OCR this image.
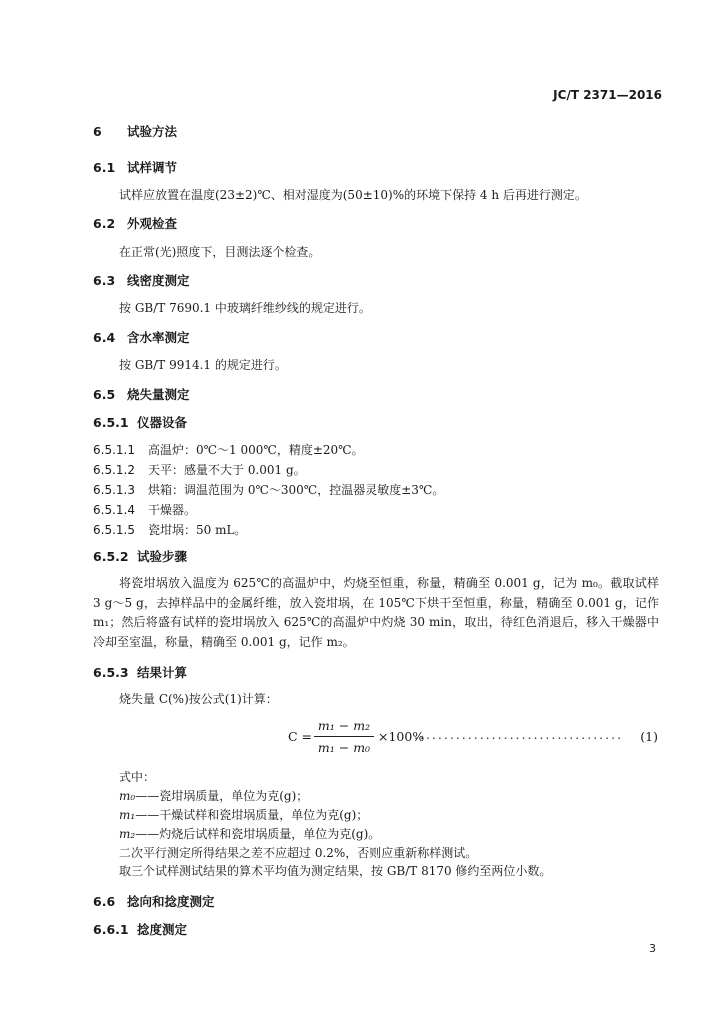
JC/T 2371—2016
6 试验方法
6.1 试样调节
试样应放置在温度(23±2)℃、相对湿度为(50±10)%的环境下保持 4 h 后再进行测定。
6.2 外观检查
在正常(光)照度下，目测法逐个检查。
6.3 线密度测定
按 GB/T 7690.1 中玻璃纤维纱线的规定进行。
6.4 含水率测定
按 GB/T 9914.1 的规定进行。
6.5 烧失量测定
6.5.1 仪器设备
6.5.1.1 高温炉：0℃～1 000℃，精度±20℃。
6.5.1.2 天平：感量不大于 0.001 g。
6.5.1.3 烘箱：调温范围为 0℃～300℃，控温器灵敏度±3℃。
6.5.1.4 干燥器。
6.5.1.5 瓷坩埚：50 mL。
6.5.2 试验步骤

将瓷坩埚放入温度为 625℃的高温炉中，灼烧至恒重，称量，精确至 0.001 g，记为 m₀。截取试样 3 g～5 g，去掉样品中的金属纤维，放入瓷坩埚，在 105℃下烘干至恒重，称量，精确至 0.001 g，记作 m₁；然后将盛有试样的瓷坩埚放入 625℃的高温炉中灼烧 30 min，取出，待红色消退后，移入干燥器中冷却至室温，称量，精确至 0.001 g，记作 m₂。

6.5.3 结果计算
烧失量 C(%)按公式(1)计算：
C =
m₁ − m₂
m₁ − m₀
×100%
................................... (1)
式中：
m₀——瓷坩埚质量，单位为克(g)；
m₁——干燥试样和瓷坩埚质量，单位为克(g)；
m₂——灼烧后试样和瓷坩埚质量，单位为克(g)。
二次平行测定所得结果之差不应超过 0.2%，否则应重新称样测试。
取三个试样测试结果的算术平均值为测定结果，按 GB/T 8170 修约至两位小数。
6.6 捻向和捻度测定
6.6.1 捻度测定
3
